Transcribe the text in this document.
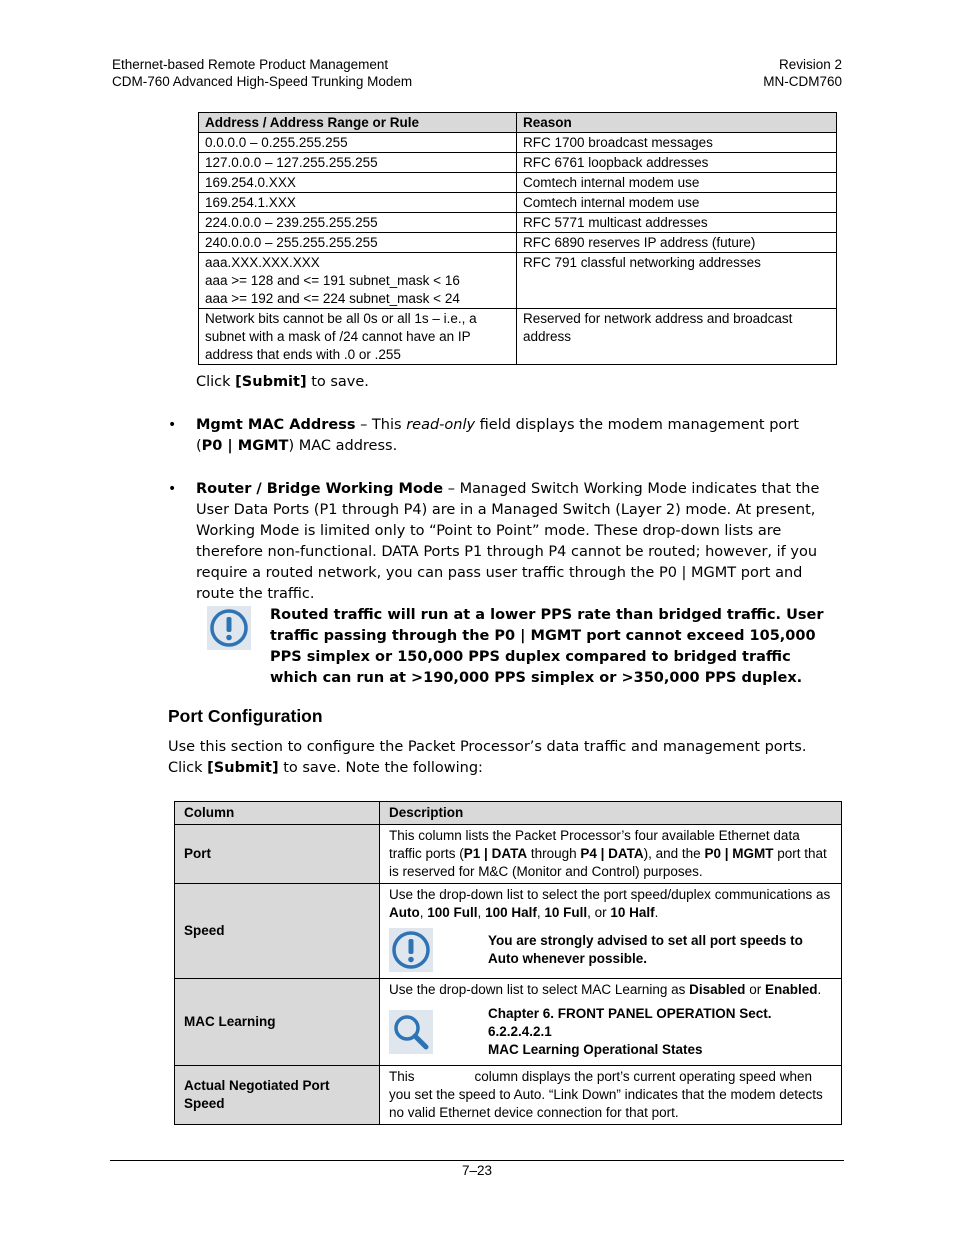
Ethernet-based Remote Product Management
CDM-760 Advanced High-Speed Trunking Modem
Revision 2
MN-CDM760
Address / Address Range or Rule	Reason
0.0.0.0 – 0.255.255.255	RFC 1700 broadcast messages
127.0.0.0 – 127.255.255.255	RFC 6761 loopback addresses
169.254.0.XXX	Comtech internal modem use
169.254.1.XXX	Comtech internal modem use
224.0.0.0 – 239.255.255.255	RFC 5771 multicast addresses
240.0.0.0 – 255.255.255.255	RFC 6890 reserves IP address (future)

aaa.XXX.XXX.XXX
aaa >= 128 and <= 191 subnet_mask < 16
aaa >= 192 and <= 224 subnet_mask < 24	RFC 791 classful networking addresses
Network bits cannot be all 0s or all 1s – i.e., a subnet with a mask of /24 cannot have an IP address that ends with .0 or .255	Reserved for network address and broadcast address
Click [Submit] to save.
• Mgmt MAC Address – This read-only field displays the modem management port (P0 | MGMT) MAC address.
• Router / Bridge Working Mode – Managed Switch Working Mode indicates that the User Data Ports (P1 through P4) are in a Managed Switch (Layer 2) mode. At present, Working Mode is limited only to “Point to Point” mode. These drop-down lists are therefore non-functional. DATA Ports P1 through P4 cannot be routed; however, if you require a routed network, you can pass user traffic through the P0 | MGMT port and route the traffic.
Routed traffic will run at a lower PPS rate than bridged traffic. User traffic passing through the P0 | MGMT port cannot exceed 105,000 PPS simplex or 150,000 PPS duplex compared to bridged traffic which can run at >190,000 PPS simplex or >350,000 PPS duplex.
Port Configuration
Use this section to configure the Packet Processor’s data traffic and management ports. Click [Submit] to save. Note the following:
Column	Description
Port	This column lists the Packet Processor’s four available Ethernet data traffic ports (P1 | DATA through P4 | DATA), and the P0 | MGMT port that is reserved for M&C (Monitor and Control) purposes.
Speed	Use the drop-down list to select the port speed/duplex communications as Auto, 100 Full, 100 Half, 10 Full, or 10 Half.
You are strongly advised to set all port speeds to Auto whenever possible.

MAC Learning	Use the drop-down list to select MAC Learning as Disabled or Enabled.
Chapter 6. FRONT PANEL OPERATION Sect. 6.2.2.4.2.1
MAC Learning Operational States

Actual Negotiated Port Speed	This column displays the port’s current operating speed when you set the speed to Auto. “Link Down” indicates that the modem detects no valid Ethernet device connection for that port.
7–23
